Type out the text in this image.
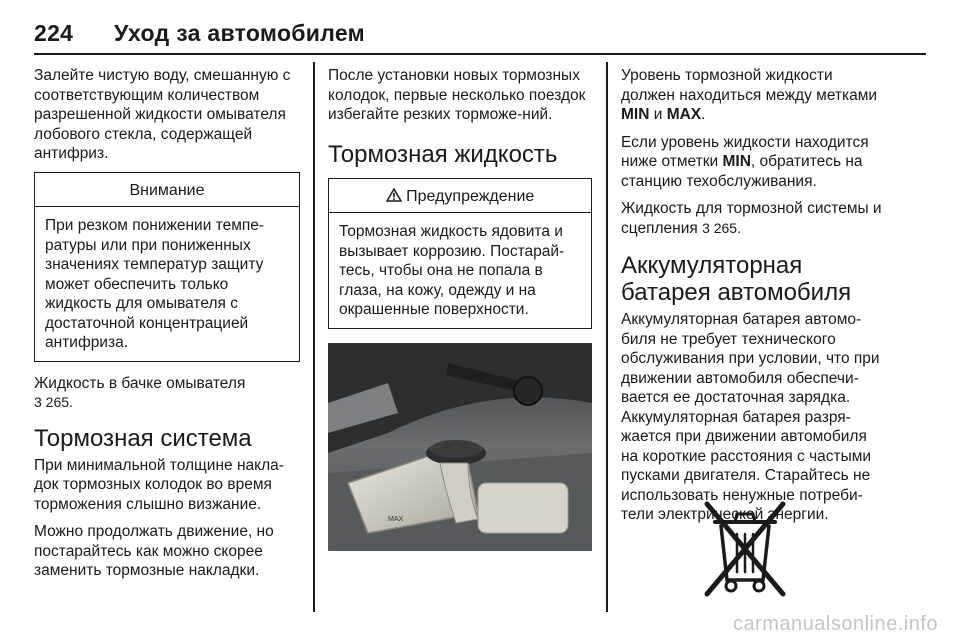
224 Уход за автомобилем

Залейте чистую воду, смешанную с соответствующим количеством разрешенной жидкости омывателя лобового стекла, содержащей антифриз.

Внимание
При резком понижении темпе-ратуры или при пониженных значениях температур защиту может обеспечить только жидкость для омывателя с достаточной концентрацией антифриза.

Жидкость в бачке омывателя
3 265.

Тормозная система

При минимальной толщине накла-док тормозных колодок во время торможения слышно визжание.

Можно продолжать движение, но постарайтесь как можно скорее заменить тормозные накладки.

После установки новых тормозных колодок, первые несколько поездок избегайте резких торможе-ний.

Тормозная жидкость
Предупреждение
Тормозная жидкость ядовита и вызывает коррозию. Постарай-тесь, чтобы она не попала в глаза, на кожу, одежду и на окрашенные поверхности.
MAX

Уровень тормозной жидкости должен находиться между метками MIN и MAX.

Если уровень жидкости находится ниже отметки MIN, обратитесь на станцию техобслуживания.

Жидкость для тормозной системы и сцепления 3 265.

Аккумуляторная батарея автомобиля

Аккумуляторная батарея автомо-биля не требует технического обслуживания при условии, что при движении автомобиля обеспечи-вается ее достаточная зарядка. Аккумуляторная батарея разря-жается при движении автомобиля на короткие расстояния с частыми пусками двигателя. Старайтесь не использовать ненужные потреби-тели электрической энергии.

carmanualsonline.info
